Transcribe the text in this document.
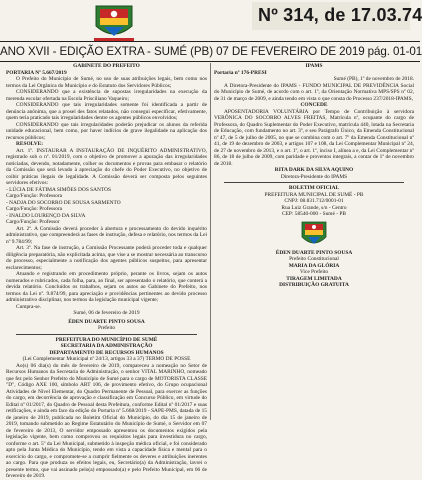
Nº 314, de 17.03.74
ANO XVII - EDIÇÃO EXTRA - SUMÉ (PB) 07 DE FEVEREIRO DE 2019 pág. 01-01

GABINETE DO PREFEITO

PORTARIA Nº 5.667/2019

O Prefeito do Município de Sumé, no uso de suas atribuições legais, bem como nos termos da Lei Orgânica do Município e do Estatuto dos Servidores Públicos;

CONSIDERANDO que a existência de supostas irregularidades na execução da merenda escolar ofertada na Escola Prisciliano Vaqueiro;

CONSIDERANDO que tais irregularidades somente foi identificada a partir de denúncia anônima, que a prosel des fatos relatados, não consegui especificar, efetivamente, quem teria praticado tais irregularidades dentre os agentes públicos envolvidos;

CONSIDERANDO que tais irregularidades poderão prejudicar os alunos da referida unidade educacional, bem como, por haver indícios de grave ilegalidade na aplicação dos recursos públicos;

RESOLVE:

Art. 1º. INSTAURAR A INSTAURAÇÃO DE INQUÉRITO ADMINISTRATIVO, registrado sob o nº. 01/2019, com o objetivo de promover a apuração das irregularidades noticiadas, devendo, notadamente, colher os documentos e provas para embasar o relatório da Comissão que será levado à apreciação do chefe do Poder Executivo, no objetivo de coibir práticas ilegais de legalidade. A Comissão deverá ser composta pelos seguintes servidores efetivos:

- LÚCIA DE FÁTIMA SIMÕES DOS SANTOS

Cargo/Função: Professora

- NADJA DO SOCORRO DE SOUSA SARMENTO

Cargo/Função: Professora

- INALDO LOURENÇO DA SILVA

Cargo/Função: Professor

Art. 2º. A Comissão deverá proceder à abertura e processamento do devido inquérito administrativo, que compreenderá as fases de instrução, defesa e relatório, nos termos da Lei nº 9.784/99;

Art. 3º. Na fase de instrução, a Comissão Processante poderá proceder toda e qualquer diligência preparatória, não explicitada acima, que vise a se mostrar necessária ao transcurso do processo, especialmente a notificação dos agentes públicos suspeitos, para apresentar esclarecimentos;

Atuando e registrando em procedimento próprio, perante os livros, sejam os autos numerados e rubricados, cada folha, para, ao final, ser apresentado o relatório, que conterá a devida relatório. Concluídos os trabalhos, sejam os autos ao Gabinete do Prefeito, nos termos da Lei nº. 9.874/99, para apreciação e providências pertinentes ao devido processo administrativo disciplinar, nos termos da legislação municipal vigente;

Cumpra-se.

Sumé, 06 de fevereiro de 2019

ÉDEN DUARTE PINTO SOUSA

Prefeito

PREFEITURA DO MUNICÍPIO DE SUMÉ

SECRETARIA DA ADMINISTRAÇÃO

DEPARTAMENTO DE RECURSOS HUMANOS

(Lei Complementar Municipal nº 24/13, artigos 33 a 37) TERMO DE POSSE

Ao(s) 06 dia(s) do mês de fevereiro de 2019, compareceu a nomeação no Setor de Recursos Humanos da Secretaria de Administração, o senhor VITAL MARINHO, nomeado que fez pelo Senhor Prefeito do Município de Sumé para o cargo de MOTORISTA CLASSE "D", Código AXE 100, símbolo ART 106, de provimento efetivo, do Grupo ocupacional Atividades de Nível Elementar, do Quadro Permanente de Pessoal, para exercer as funções do cargo, em decorrência de aprovação e classificação em Concurso Público, em virtude do Edital nº 01/2017, do Quadro de Pessoal desta Prefeitura, conforme Edital nº 01/2017 e suas retificações, e ainda em face da edição do Portaria nº 5.668/2019 - SAPE-PMS, datada de 15 de janeiro de 2019, publicada no Boletim Oficial do Município, do dia 15 de janeiro de 2019, tomando submetido ao Regime Estatutário do Município de Sumé, o Servidor em 07 de fevereiro de 2013, O servidor empossado apresentou os documentos exigidos pela legislação vigente, bem como comprovou os requisitos legais para investidura no cargo, conforme o art. 5º da Lei Municipal, submetido à inspeção médica oficial, e foi considerado apto pela Junta Médica do Município, tendo em vista a capacidade física e mental para o exercício do cargo, e compromete-se a cumprir fielmente os deveres e atribuições inerentes ao cargo. Para que produza os efeitos legais, eu, Secretário(a) da Administração, lavrei o presente termo, que vai assinado pelo(a) empossado(a) e pelo Prefeito Municipal, em 06 de fevereiro de 2019.

IPAMS

Portaria nº 176-PRESI

Sumé (PB), 1º de novembro de 2018.

A Diretora-Presidente do IPAMS - FUNDO MUNICIPAL DE PREVIDÊNCIA Social do Município de Sumé, de acordo com o art. 1º, da Orientação Normativa MPS/SPS nº 02, de 31 de março de 2009, e ainda tendo em vista o que consta do Processo 237/2018-IPAMS,

CONCEDE

APOSENTADORIA VOLUNTÁRIA por Tempo de Contribuição à servidora VERÔNICA DO SOCORRO ALVES FREITAS, Matrícula nº, ocupante do cargo de Professora, do Quadro Suplementar do Poder Executivo, matrícula 440, lotada na Secretaria de Educação, com fundamento no art. 3º, e seu Parágrafo Único, da Emenda Constitucional nº 47, de 5 de julho de 2005, no que se combina com o art. 7º da Emenda Constitucional nº 41, de 19 de dezembro de 2003, e artigos 107 e 108, da Lei Complementar Municipal nº 24, de 27 de novembro de 2013, e o art. 1º, o art. 1º, inciso I, alínea a e, da Lei Complementar nº 86, de 18 de julho de 2009, com paridade e proventos integrais, a contar de 1º de novembro de 2018.

RITA DARK DA SILVA AQUINO

Diretora-Presidente do IPAMS

BOLETIM OFICIAL

PREFEITURA MUNICIPAL DE SUMÉ - PB

CNPJ: 08.831.712/0001-01

Rua Luiz Grande, s/n - Centro

CEP: 58540-000 - Sumé - PB

ÉDEN DUARTE PINTO SOUSA

Prefeito Constitucional

MARIA DA GLÓRIA

Vice Prefeito

TIRAGEM LIMITADA

DISTRIBUIÇÃO GRATUITA
